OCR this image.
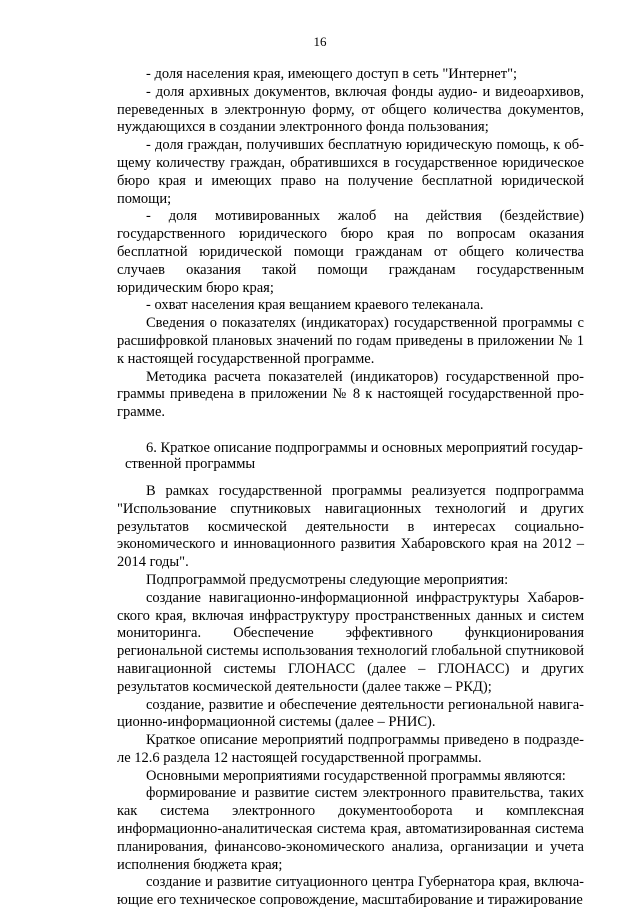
16

- доля населения края, имеющего доступ в сеть "Интернет";

- доля архивных документов, включая фонды аудио- и видеоархивов, переведенных в электронную форму, от общего количества документов, нуждающихся в создании электронного фонда пользования;

- доля граждан, получивших бесплатную юридическую помощь, к общему количеству граждан, обратившихся в государственное юридическое бюро края и имеющих право на получение бесплатной юридической помощи;

- доля мотивированных жалоб на действия (бездействие) государственного юридического бюро края по вопросам оказания бесплатной юридической помощи гражданам от общего количества случаев оказания такой помощи гражданам государственным юридическим бюро края;

- охват населения края вещанием краевого телеканала.

Сведения о показателях (индикаторах) государственной программы с расшифровкой плановых значений по годам приведены в приложении № 1 к настоящей государственной программе.

Методика расчета показателей (индикаторов) государственной программы приведена в приложении № 8 к настоящей государственной программе.

6. Краткое описание подпрограммы и основных мероприятий государ-
ственной программы

В рамках государственной программы реализуется подпрограмма "Использование спутниковых навигационных технологий и других результатов космической деятельности в интересах социально-экономического и инновационного развития Хабаровского края на 2012 – 2014 годы".

Подпрограммой предусмотрены следующие мероприятия:

создание навигационно-информационной инфраструктуры Хабаровского края, включая инфраструктуру пространственных данных и систем мониторинга. Обеспечение эффективного функционирования региональной системы использования технологий глобальной спутниковой навигационной системы ГЛОНАСС (далее – ГЛОНАСС) и других результатов космической деятельности (далее также – РКД);

создание, развитие и обеспечение деятельности региональной навигационно-информационной системы (далее – РНИС).

Краткое описание мероприятий подпрограммы приведено в подразделе 12.6 раздела 12 настоящей государственной программы.

Основными мероприятиями государственной программы являются:

формирование и развитие систем электронного правительства, таких как система электронного документооборота и комплексная информационно-аналитическая система края, автоматизированная система планирования, финансово-экономического анализа, организации и учета исполнения бюджета края;

создание и развитие ситуационного центра Губернатора края, включающие его техническое сопровождение, масштабирование и тиражирование
